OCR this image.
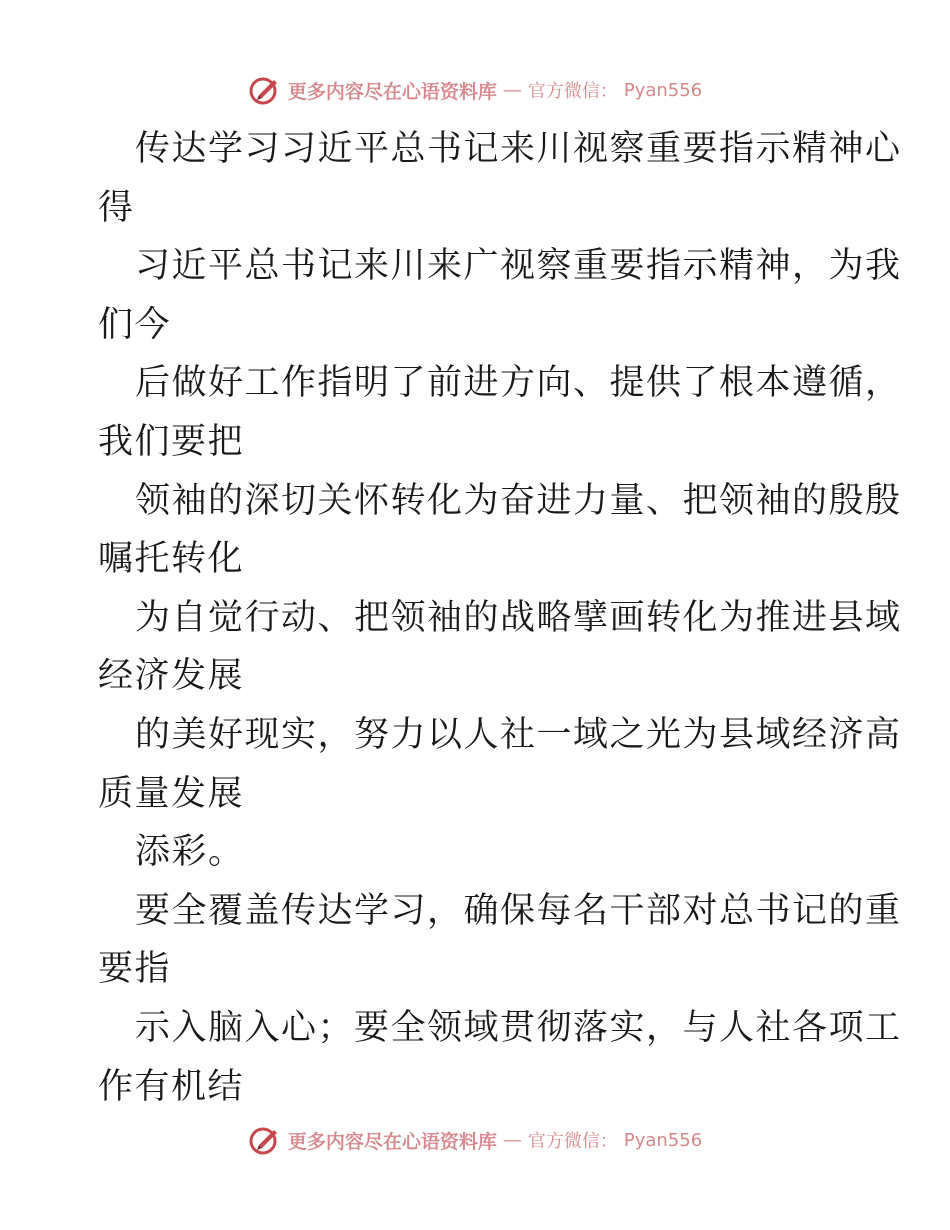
更多内容尽在心语资料库 — 官方微信： Pyan556
传达学习习近平总书记来川视察重要指示精神心
得
习近平总书记来川来广视察重要指示精神，为我
们今
后做好工作指明了前进方向、提供了根本遵循，
我们要把
领袖的深切关怀转化为奋进力量、把领袖的殷殷
嘱托转化
为自觉行动、把领袖的战略擘画转化为推进县域
经济发展
的美好现实，努力以人社一域之光为县域经济高
质量发展
添彩。
要全覆盖传达学习，确保每名干部对总书记的重
要指
示入脑入心；要全领域贯彻落实，与人社各项工
作有机结
更多内容尽在心语资料库 — 官方微信： Pyan556
